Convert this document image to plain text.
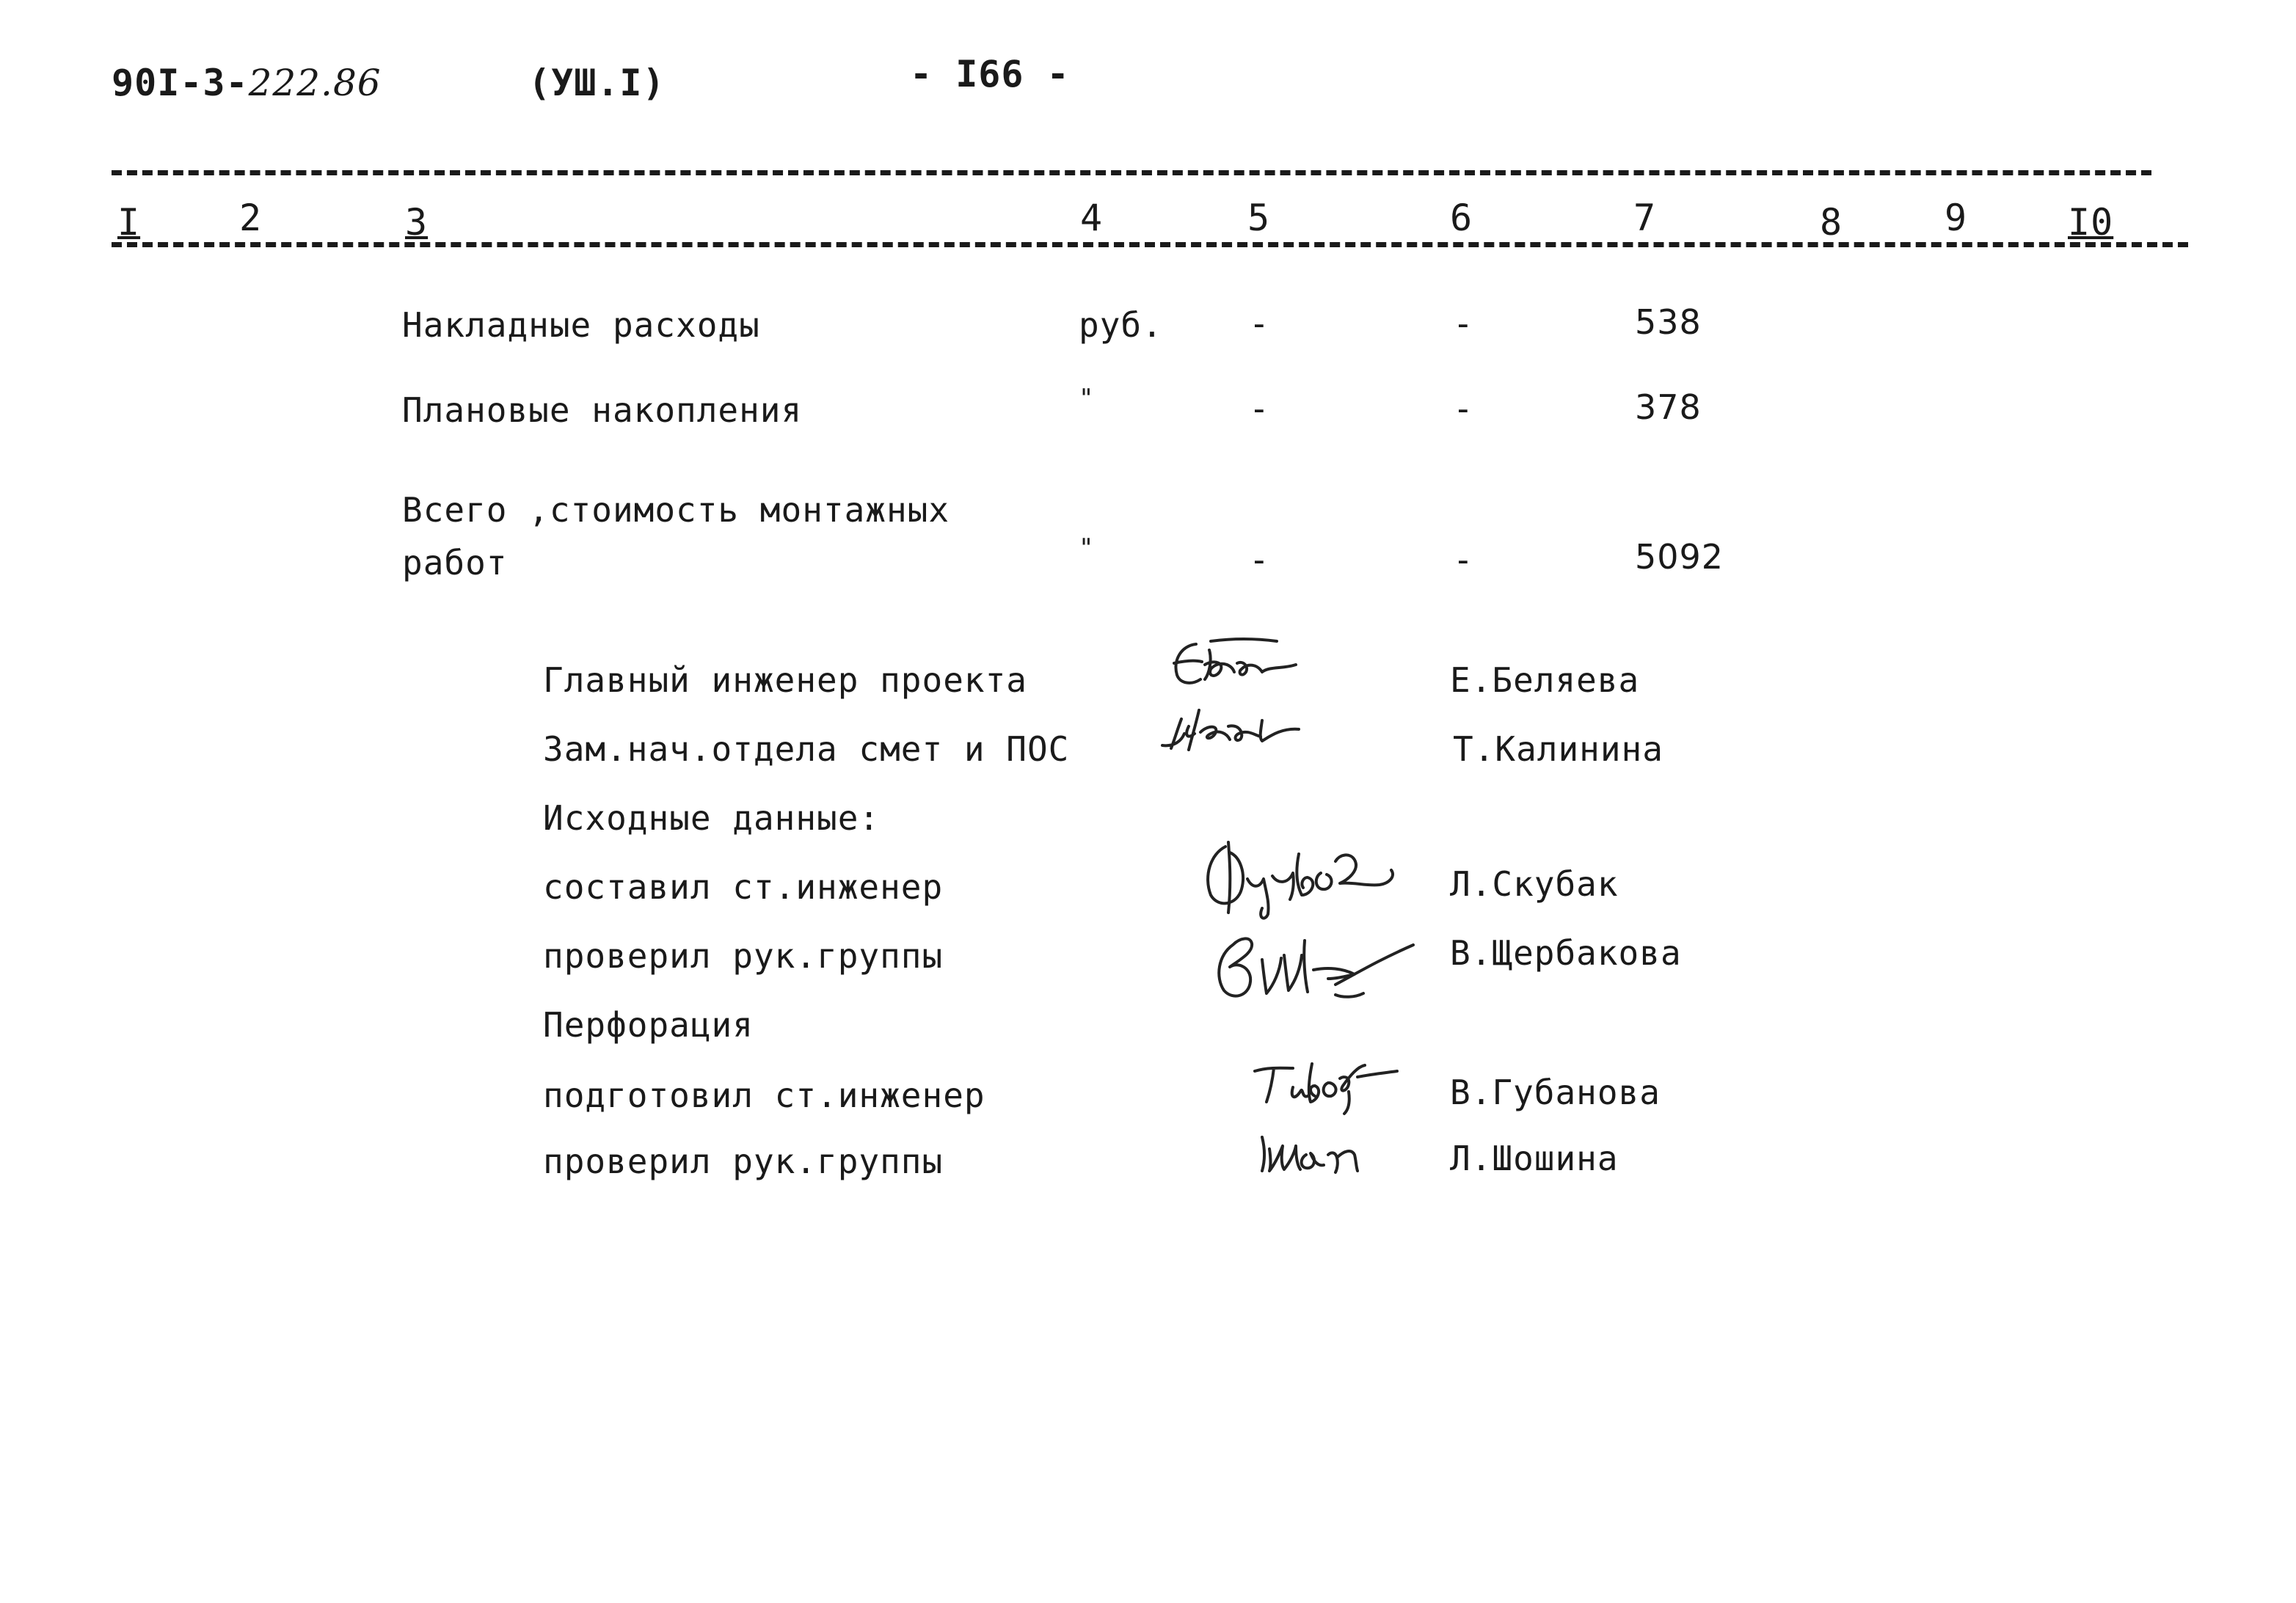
90I-3-222.86	(УШ.I)	- I66 -
I	2	3	4	5	6	7	8	9	I0
Накладные расходы	руб.	-	-	538
Плановые накопления	"	-	-	378
Всего ,стоимость монтажных
работ	"	-	-	5092
Главный инженер проекта	Е.Беляева
Зам.нач.отдела смет и ПОС	Т.Калинина
Исходные данные:
составил ст.инженер	Л.Скубак
проверил рук.группы	В.Щербакова
Перфорация
подготовил ст.инженер	В.Губанова
проверил рук.группы	Л.Шошина
